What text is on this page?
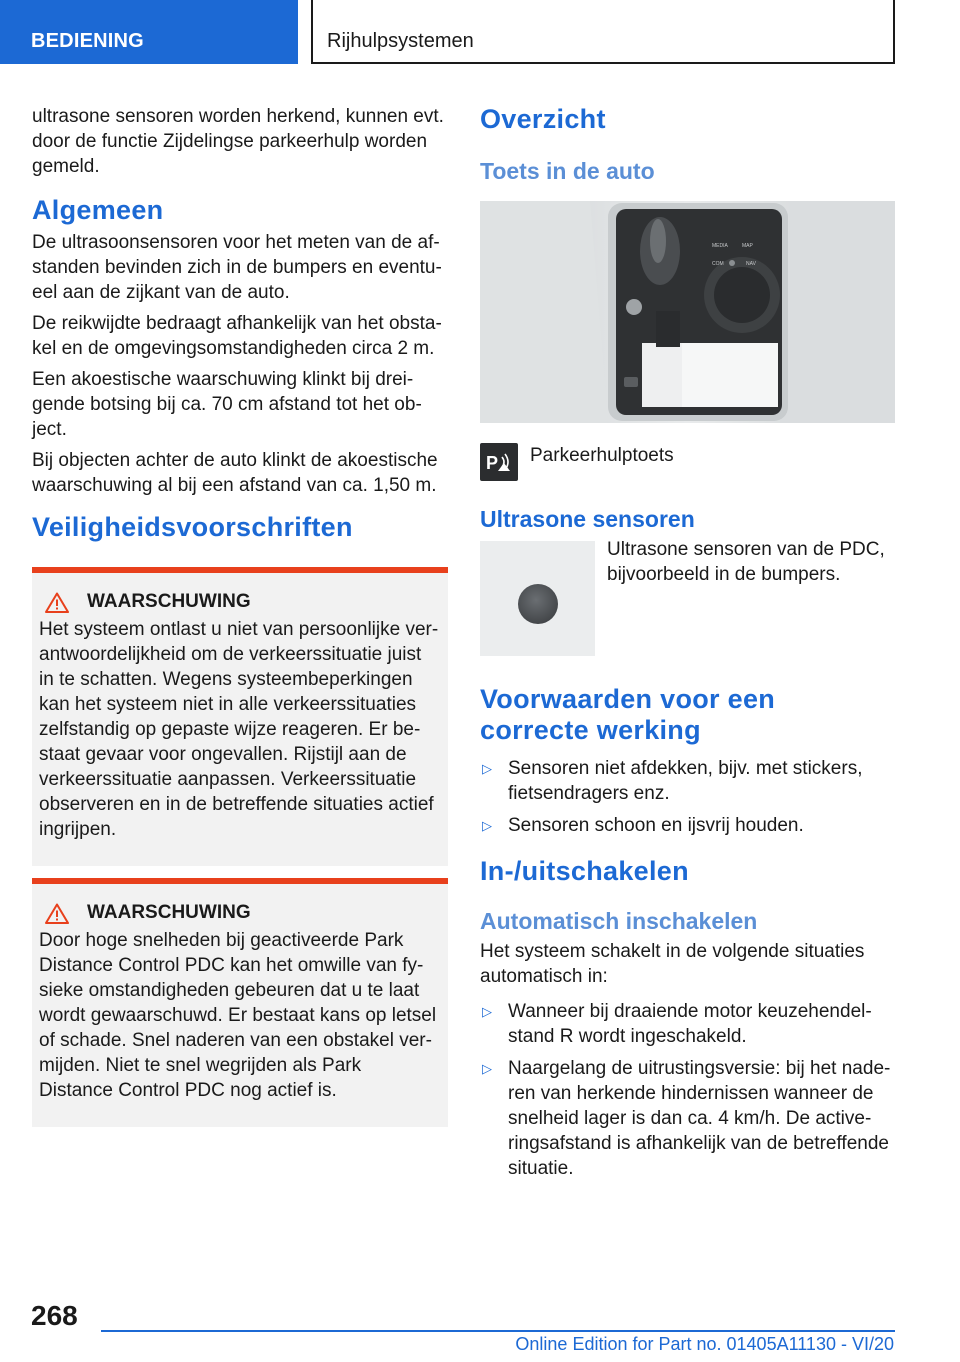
BEDIENING	Rijhulpsystemen

ultrasone sensoren worden herkend, kunnen evt. door de functie Zijdelingse parkeerhulp worden gemeld.

Algemeen

De ultrasoonsensoren voor het meten van de afstanden bevinden zich in de bumpers en eventueel aan de zijkant van de auto.

De reikwijdte bedraagt afhankelijk van het obstakel en de omgevingsomstandigheden circa 2 m.

Een akoestische waarschuwing klinkt bij dreigende botsing bij ca. 70 cm afstand tot het object.

Bij objecten achter de auto klinkt de akoestische waarschuwing al bij een afstand van ca. 1,50 m.

Veiligheidsvoorschriften
WAARSCHUWING

Het systeem ontlast u niet van persoonlijke verantwoordelijkheid om de verkeerssituatie juist in te schatten. Wegens systeembeperkingen kan het systeem niet in alle verkeerssituaties zelfstandig op gepaste wijze reageren. Er bestaat gevaar voor ongevallen. Rijstijl aan de verkeerssituatie aanpassen. Verkeerssituatie observeren en in de betreffende situaties actief ingrijpen.

WAARSCHUWING

Door hoge snelheden bij geactiveerde Park Distance Control PDC kan het omwille van fysieke omstandigheden gebeuren dat u te laat wordt gewaarschuwd. Er bestaat kans op letsel of schade. Snel naderen van een obstakel vermijden. Niet te snel wegrijden als Park Distance Control PDC nog actief is.

Overzicht
Toets in de auto
MEDIA	MAP
COM	NAV
P Parkeerhulptoets
Ultrasone sensoren

Ultrasone sensoren van de PDC, bijvoorbeeld in de bumpers.

Voorwaarden voor een correcte werking
▷ Sensoren niet afdekken, bijv. met stickers, fietsendragers enz.
▷ Sensoren schoon en ijsvrij houden.
In-/uitschakelen
Automatisch inschakelen

Het systeem schakelt in de volgende situaties automatisch in:

▷ Wanneer bij draaiende motor keuzehendelstand R wordt ingeschakeld.
▷ Naargelang de uitrustingsversie: bij het naderen van herkende hindernissen wanneer de snelheid lager is dan ca. 4 km/h. De activeringsafstand is afhankelijk van de betreffende situatie.
268
Online Edition for Part no. 01405A11130 - VI/20
